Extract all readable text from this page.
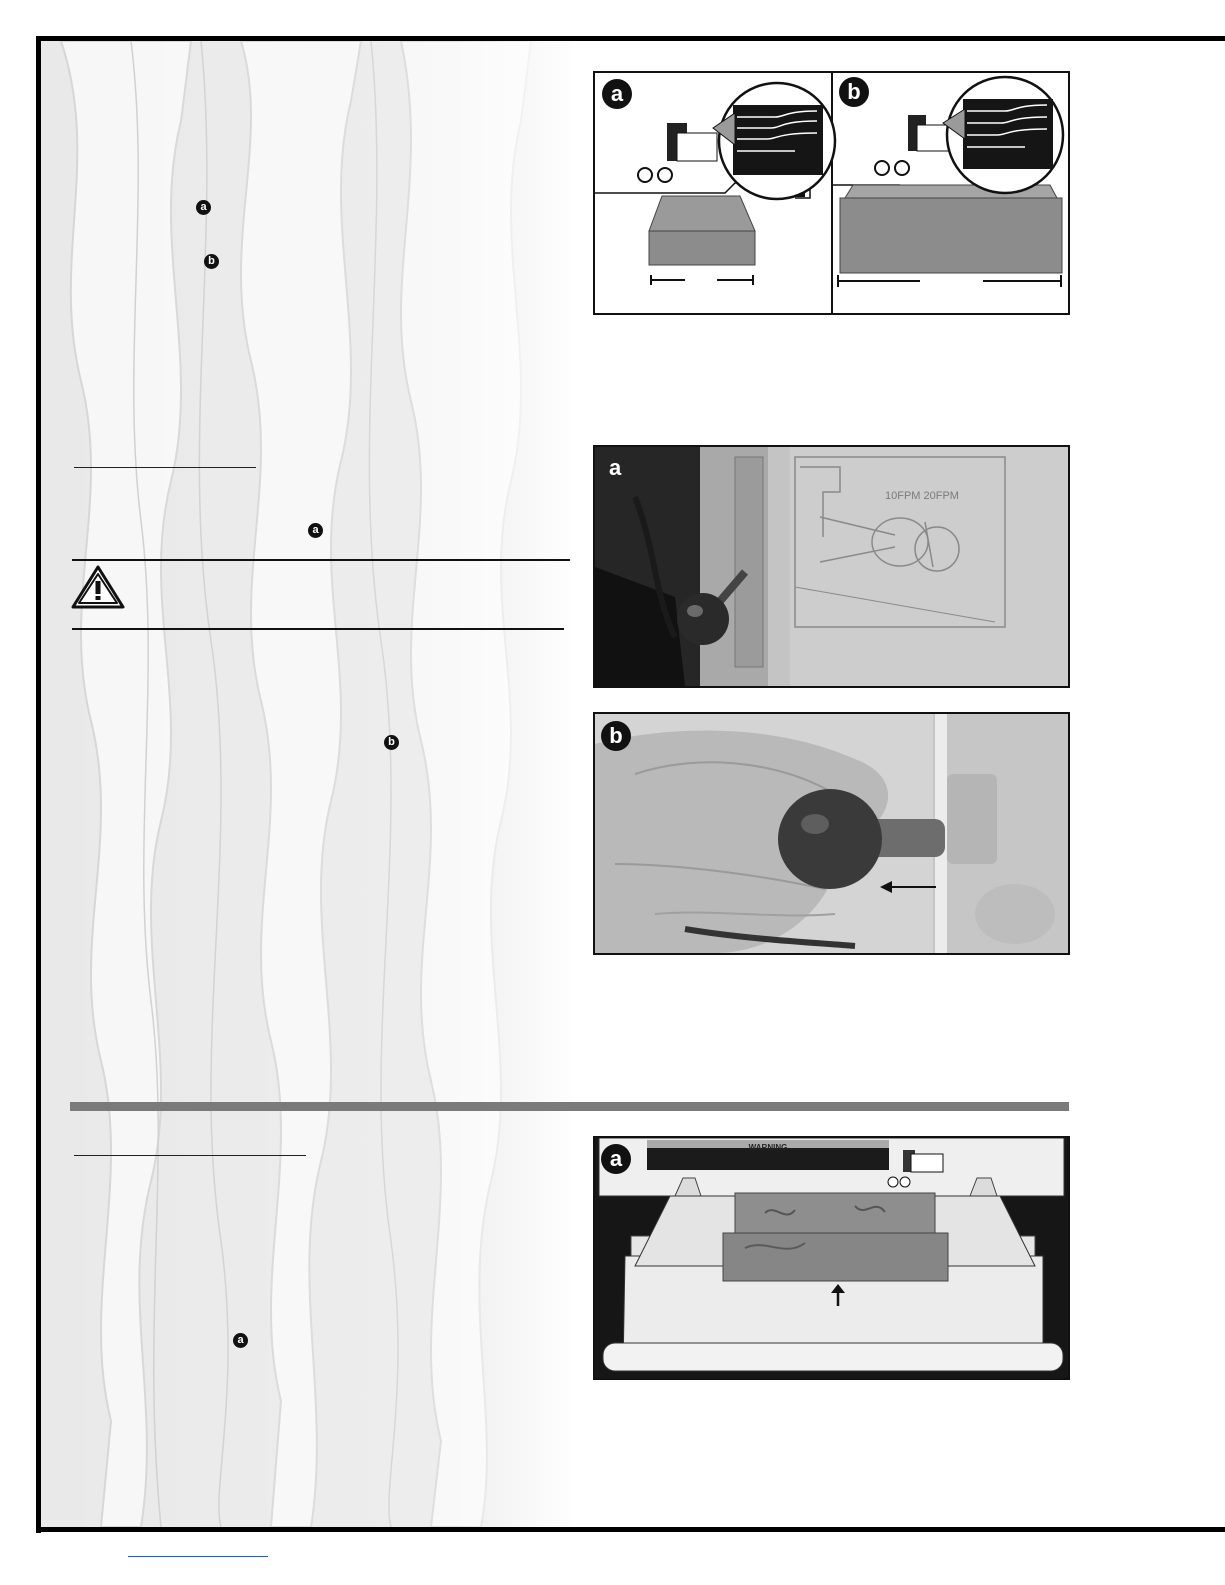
a
b
a
b
a
a	b
10FPM 20FPM
a
b
WARNING
a
